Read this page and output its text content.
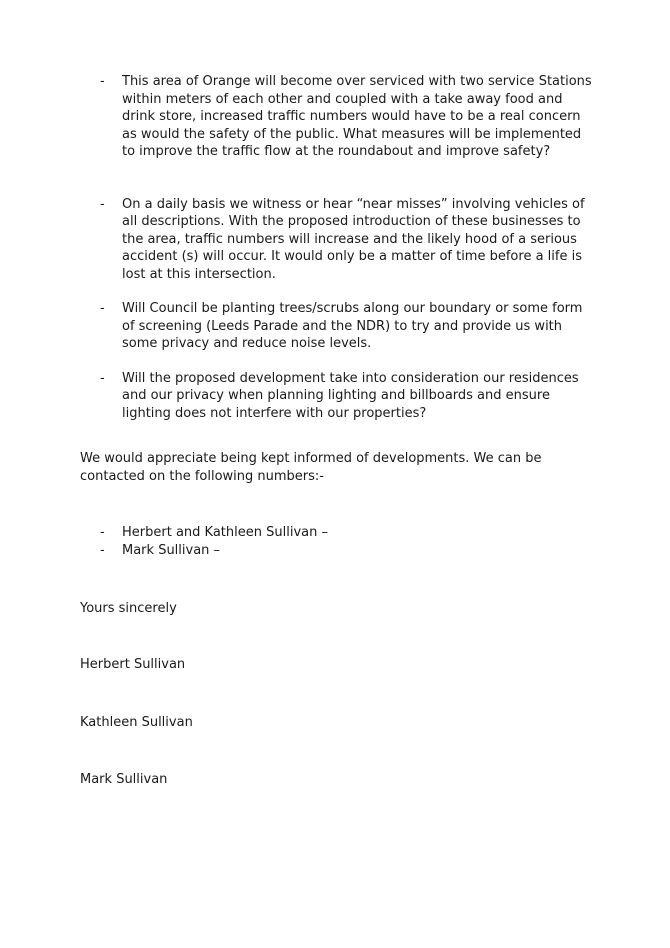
- This area of Orange will become over serviced with two service Stations within meters of each other and coupled with a take away food and drink store, increased traffic numbers would have to be a real concern as would the safety of the public. What measures will be implemented to improve the traffic flow at the roundabout and improve safety?
- On a daily basis we witness or hear “near misses” involving vehicles of all descriptions. With the proposed introduction of these businesses to the area, traffic numbers will increase and the likely hood of a serious accident (s) will occur. It would only be a matter of time before a life is lost at this intersection.
- Will Council be planting trees/scrubs along our boundary or some form of screening (Leeds Parade and the NDR) to try and provide us with some privacy and reduce noise levels.
- Will the proposed development take into consideration our residences and our privacy when planning lighting and billboards and ensure lighting does not interfere with our properties?

We would appreciate being kept informed of developments. We can be contacted on the following numbers:-

- Herbert and Kathleen Sullivan –
- Mark Sullivan –

Yours sincerely

Herbert Sullivan

Kathleen Sullivan

Mark Sullivan
